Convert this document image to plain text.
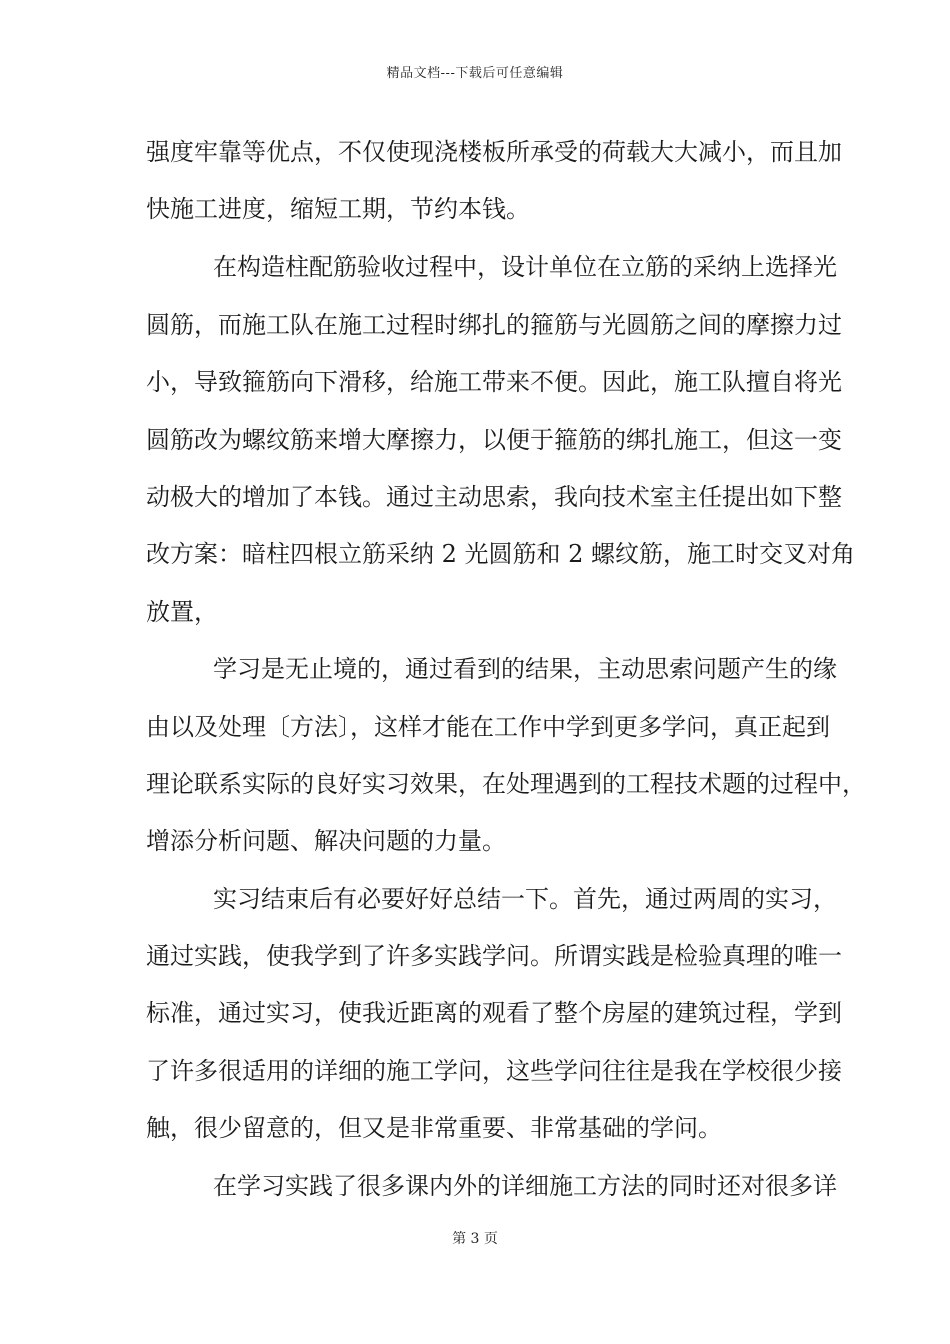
精品文档---下载后可任意编辑
强度牢靠等优点，不仅使现浇楼板所承受的荷载大大减小，而且加
快施工进度，缩短工期，节约本钱。
在构造柱配筋验收过程中，设计单位在立筋的采纳上选择光
圆筋，而施工队在施工过程时绑扎的箍筋与光圆筋之间的摩擦力过
小，导致箍筋向下滑移，给施工带来不便。因此，施工队擅自将光
圆筋改为螺纹筋来增大摩擦力，以便于箍筋的绑扎施工，但这一变
动极大的增加了本钱。通过主动思索，我向技术室主任提出如下整
改方案：暗柱四根立筋采纳 2 光圆筋和 2 螺纹筋，施工时交叉对角
放置，
学习是无止境的，通过看到的结果，主动思索问题产生的缘
由以及处理〔方法〕，这样才能在工作中学到更多学问，真正起到
理论联系实际的良好实习效果，在处理遇到的工程技术题的过程中，
增添分析问题、解决问题的力量。
实习结束后有必要好好总结一下。首先，通过两周的实习，
通过实践，使我学到了许多实践学问。所谓实践是检验真理的唯一
标准，通过实习，使我近距离的观看了整个房屋的建筑过程，学到
了许多很适用的详细的施工学问，这些学问往往是我在学校很少接
触，很少留意的，但又是非常重要、非常基础的学问。
在学习实践了很多课内外的详细施工方法的同时还对很多详
第 3 页
